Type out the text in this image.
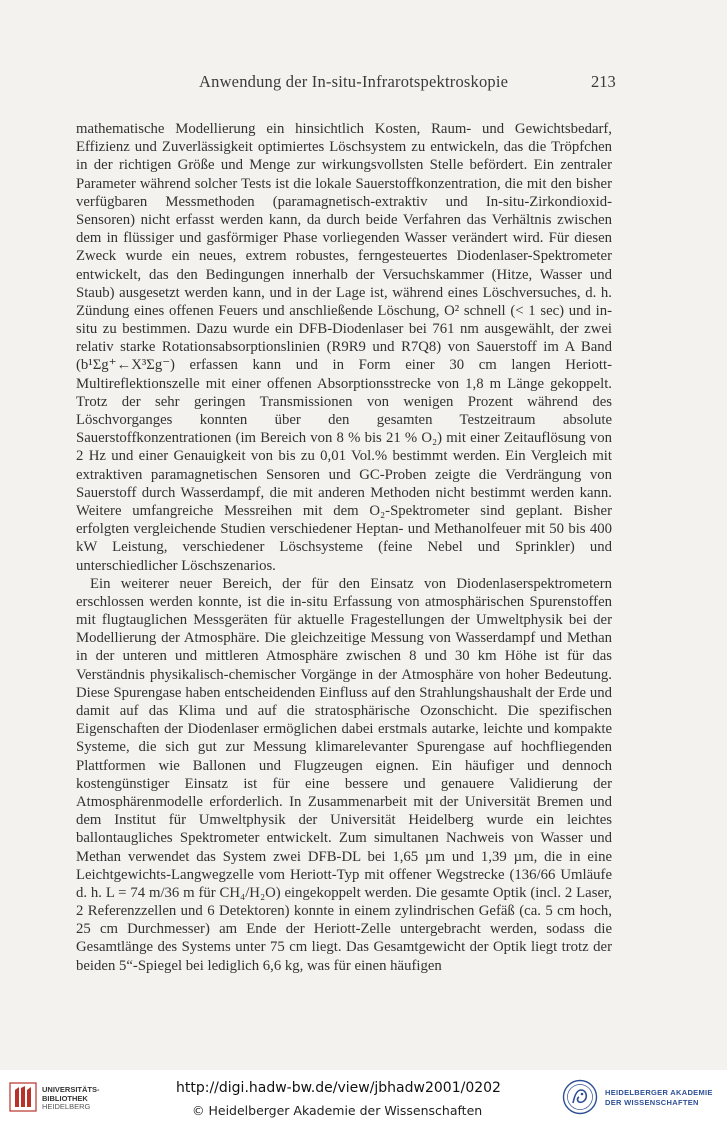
Anwendung der In-situ-Infrarotspektroskopie	213

mathematische Modellierung ein hinsichtlich Kosten, Raum- und Gewichtsbedarf, Effizienz und Zuverlässigkeit optimiertes Löschsystem zu entwickeln, das die Tröpfchen in der richtigen Größe und Menge zur wirkungsvollsten Stelle befördert. Ein zentraler Parameter während solcher Tests ist die lokale Sauerstoffkonzentration, die mit den bisher verfügbaren Messmethoden (paramagnetisch-extraktiv und In-situ-Zirkondioxid-Sensoren) nicht erfasst werden kann, da durch beide Verfahren das Verhältnis zwischen dem in flüssiger und gasförmiger Phase vorliegenden Wasser verändert wird. Für diesen Zweck wurde ein neues, extrem robustes, ferngesteuertes Diodenlaser-Spektrometer entwickelt, das den Bedingungen innerhalb der Versuchskammer (Hitze, Wasser und Staub) ausgesetzt werden kann, und in der Lage ist, während eines Löschversuches, d. h. Zündung eines offenen Feuers und anschließende Löschung, O² schnell (< 1 sec) und in-situ zu bestimmen. Dazu wurde ein DFB-Diodenlaser bei 761 nm ausgewählt, der zwei relativ starke Rotationsabsorptionslinien (R9R9 und R7Q8) von Sauerstoff im A Band (b¹Σg⁺←X³Σg⁻) erfassen kann und in Form einer 30 cm langen Heriott-Multireflektionszelle mit einer offenen Absorptionsstrecke von 1,8 m Länge gekoppelt. Trotz der sehr geringen Transmissionen von wenigen Prozent während des Löschvorganges konnten über den gesamten Testzeitraum absolute Sauerstoffkonzentrationen (im Bereich von 8 % bis 21 % O₂) mit einer Zeitauflösung von 2 Hz und einer Genauigkeit von bis zu 0,01 Vol.% bestimmt werden. Ein Vergleich mit extraktiven paramagnetischen Sensoren und GC-Proben zeigte die Verdrängung von Sauerstoff durch Wasserdampf, die mit anderen Methoden nicht bestimmt werden kann. Weitere umfangreiche Messreihen mit dem O₂-Spektrometer sind geplant. Bisher erfolgten vergleichende Studien verschiedener Heptan- und Methanolfeuer mit 50 bis 400 kW Leistung, verschiedener Löschsysteme (feine Nebel und Sprinkler) und unterschiedlicher Löschszenarios.

Ein weiterer neuer Bereich, der für den Einsatz von Diodenlaserspektrometern erschlossen werden konnte, ist die in-situ Erfassung von atmosphärischen Spurenstoffen mit flugtauglichen Messgeräten für aktuelle Fragestellungen der Umweltphysik bei der Modellierung der Atmosphäre. Die gleichzeitige Messung von Wasserdampf und Methan in der unteren und mittleren Atmosphäre zwischen 8 und 30 km Höhe ist für das Verständnis physikalisch-chemischer Vorgänge in der Atmosphäre von hoher Bedeutung. Diese Spurengase haben entscheidenden Einfluss auf den Strahlungshaushalt der Erde und damit auf das Klima und auf die stratosphärische Ozonschicht. Die spezifischen Eigenschaften der Diodenlaser ermöglichen dabei erstmals autarke, leichte und kompakte Systeme, die sich gut zur Messung klimarelevanter Spurengase auf hochfliegenden Plattformen wie Ballonen und Flugzeugen eignen. Ein häufiger und dennoch kostengünstiger Einsatz ist für eine bessere und genauere Validierung der Atmosphärenmodelle erforderlich. In Zusammenarbeit mit der Universität Bremen und dem Institut für Umweltphysik der Universität Heidelberg wurde ein leichtes ballontaugliches Spektrometer entwickelt. Zum simultanen Nachweis von Wasser und Methan verwendet das System zwei DFB-DL bei 1,65 µm und 1,39 µm, die in eine Leichtgewichts-Langwegzelle vom Heriott-Typ mit offener Wegstrecke (136/66 Umläufe d. h. L = 74 m/36 m für CH₄/H₂O) eingekoppelt werden. Die gesamte Optik (incl. 2 Laser, 2 Referenzzellen und 6 Detektoren) konnte in einem zylindrischen Gefäß (ca. 5 cm hoch, 25 cm Durchmesser) am Ende der Heriott-Zelle untergebracht werden, sodass die Gesamtlänge des Systems unter 75 cm liegt. Das Gesamtgewicht der Optik liegt trotz der beiden 5“-Spiegel bei lediglich 6,6 kg, was für einen häufigen

UNIVERSITÄTS-
BIBLIOTHEK
HEIDELBERG
http://digi.hadw-bw.de/view/jbhadw2001/0202
© Heidelberger Akademie der Wissenschaften
HEIDELBERGER AKADEMIE
DER WISSENSCHAFTEN
